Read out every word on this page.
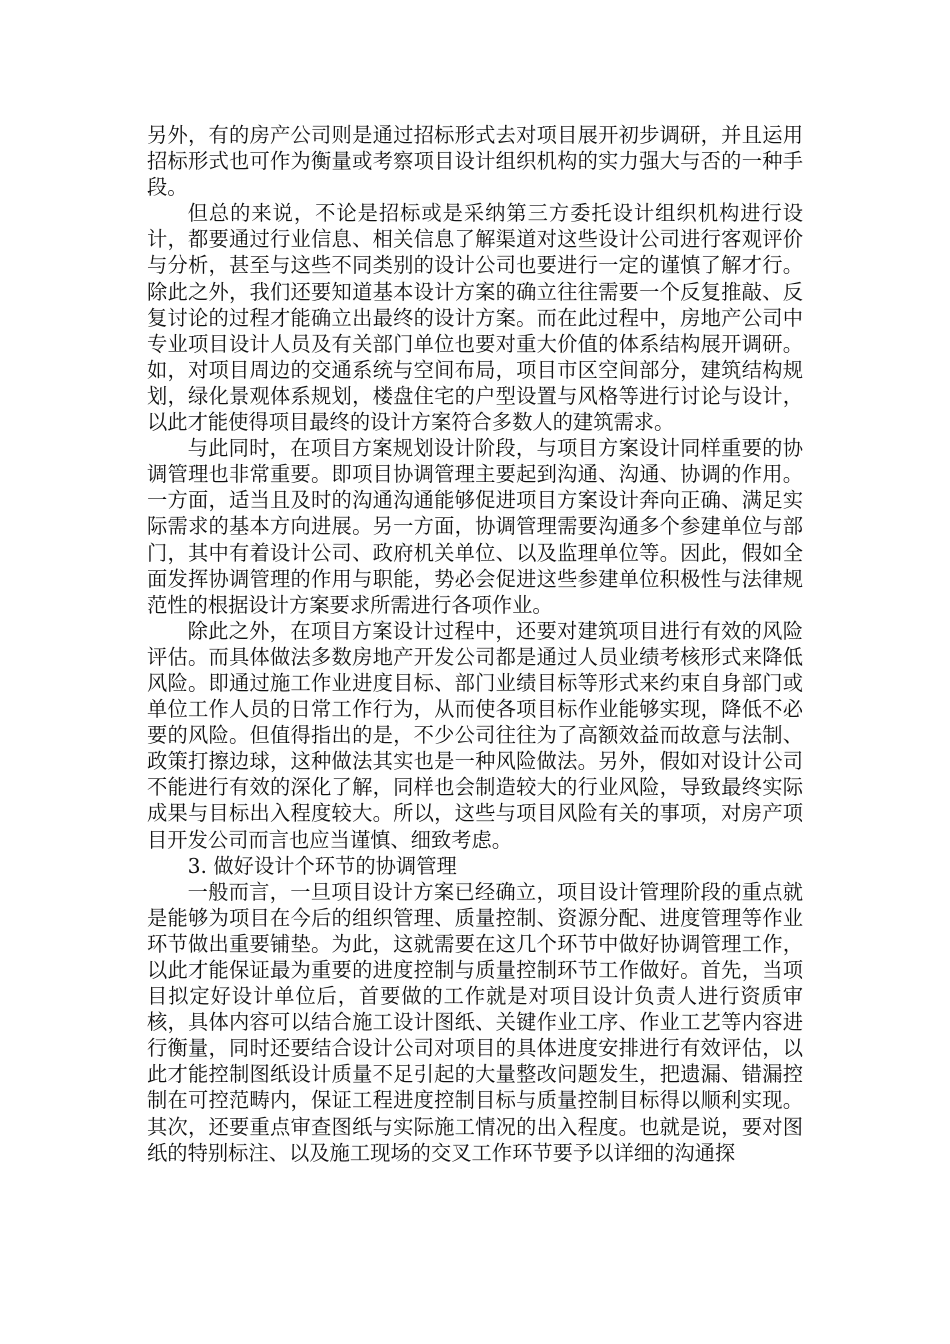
另外，有的房产公司则是通过招标形式去对项目展开初步调研，并且运用招标形式也可作为衡量或考察项目设计组织机构的实力强大与否的一种手段。

但总的来说，不论是招标或是采纳第三方委托设计组织机构进行设计，都要通过行业信息、相关信息了解渠道对这些设计公司进行客观评价与分析，甚至与这些不同类别的设计公司也要进行一定的谨慎了解才行。除此之外，我们还要知道基本设计方案的确立往往需要一个反复推敲、反复讨论的过程才能确立出最终的设计方案。而在此过程中，房地产公司中专业项目设计人员及有关部门单位也要对重大价值的体系结构展开调研。如，对项目周边的交通系统与空间布局，项目市区空间部分，建筑结构规划，绿化景观体系规划，楼盘住宅的户型设置与风格等进行讨论与设计，以此才能使得项目最终的设计方案符合多数人的建筑需求。

与此同时，在项目方案规划设计阶段，与项目方案设计同样重要的协调管理也非常重要。即项目协调管理主要起到沟通、沟通、协调的作用。一方面，适当且及时的沟通沟通能够促进项目方案设计奔向正确、满足实际需求的基本方向进展。另一方面，协调管理需要沟通多个参建单位与部门，其中有着设计公司、政府机关单位、以及监理单位等。因此，假如全面发挥协调管理的作用与职能，势必会促进这些参建单位积极性与法律规范性的根据设计方案要求所需进行各项作业。

除此之外，在项目方案设计过程中，还要对建筑项目进行有效的风险评估。而具体做法多数房地产开发公司都是通过人员业绩考核形式来降低风险。即通过施工作业进度目标、部门业绩目标等形式来约束自身部门或单位工作人员的日常工作行为，从而使各项目标作业能够实现，降低不必要的风险。但值得指出的是，不少公司往往为了高额效益而故意与法制、政策打擦边球，这种做法其实也是一种风险做法。另外，假如对设计公司不能进行有效的深化了解，同样也会制造较大的行业风险，导致最终实际成果与目标出入程度较大。所以，这些与项目风险有关的事项，对房产项目开发公司而言也应当谨慎、细致考虑。

3. 做好设计个环节的协调管理

一般而言，一旦项目设计方案已经确立，项目设计管理阶段的重点就是能够为项目在今后的组织管理、质量控制、资源分配、进度管理等作业环节做出重要铺垫。为此，这就需要在这几个环节中做好协调管理工作，以此才能保证最为重要的进度控制与质量控制环节工作做好。首先，当项目拟定好设计单位后，首要做的工作就是对项目设计负责人进行资质审核，具体内容可以结合施工设计图纸、关键作业工序、作业工艺等内容进行衡量，同时还要结合设计公司对项目的具体进度安排进行有效评估，以此才能控制图纸设计质量不足引起的大量整改问题发生，把遗漏、错漏控制在可控范畴内，保证工程进度控制目标与质量控制目标得以顺利实现。其次，还要重点审查图纸与实际施工情况的出入程度。也就是说，要对图纸的特别标注、以及施工现场的交叉工作环节要予以详细的沟通探
